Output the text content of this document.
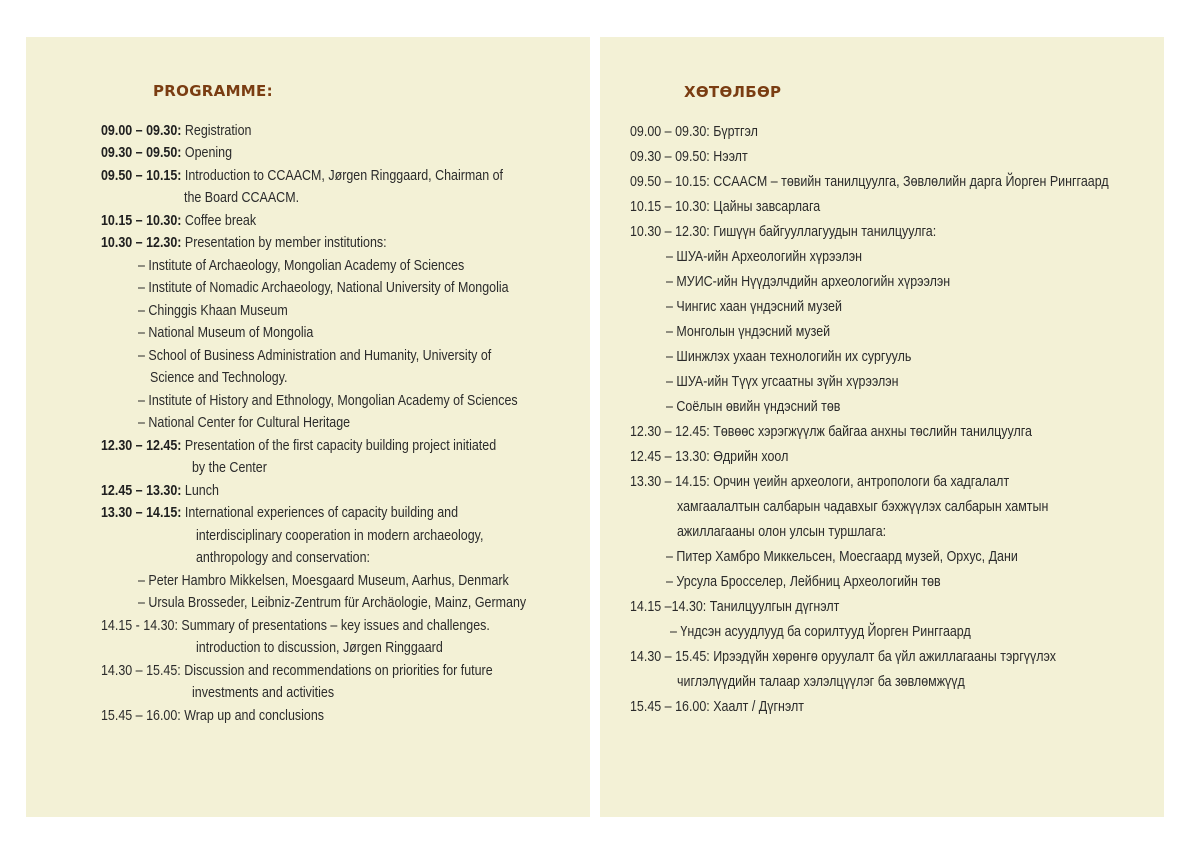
PROGRAMME:
09.00 – 09.30: Registration
09.30 – 09.50: Opening
09.50 – 10.15: Introduction to CCAACM, Jørgen Ringgaard, Chairman of
the Board CCAACM.
10.15 – 10.30: Coffee break
10.30 – 12.30: Presentation by member institutions:
– Institute of Archaeology, Mongolian Academy of Sciences
– Institute of Nomadic Archaeology, National University of Mongolia
– Chinggis Khaan Museum
– National Museum of Mongolia
– School of Business Administration and Humanity, University of
Science and Technology.
– Institute of History and Ethnology, Mongolian Academy of Sciences
– National Center for Cultural Heritage
12.30 – 12.45: Presentation of the first capacity building project initiated
by the Center
12.45 – 13.30: Lunch
13.30 – 14.15: International experiences of capacity building and
interdisciplinary cooperation in modern archaeology,
anthropology and conservation:
– Peter Hambro Mikkelsen, Moesgaard Museum, Aarhus, Denmark
– Ursula Brosseder, Leibniz-Zentrum für Archäologie, Mainz, Germany
14.15 - 14.30: Summary of presentations – key issues and challenges.
introduction to discussion, Jørgen Ringgaard
14.30 – 15.45: Discussion and recommendations on priorities for future
investments and activities
15.45 – 16.00: Wrap up and conclusions
ХӨТӨЛБӨР
09.00 – 09.30: Бүртгэл
09.30 – 09.50: Нээлт
09.50 – 10.15: CCAACM – төвийн танилцуулга, Зөвлөлийн дарга Йорген Ринггаард
10.15 – 10.30: Цайны завсарлага
10.30 – 12.30: Гишүүн байгууллагуудын танилцуулга:
– ШУА-ийн Археологийн хүрээлэн
– МУИС-ийн Нүүдэлчдийн археологийн хүрээлэн
– Чингис хаан үндэсний музей
– Монголын үндэсний музей
– Шинжлэх ухаан технологийн их сургууль
– ШУА-ийн Түүх угсаатны зүйн хүрээлэн
– Соёлын өвийн үндэсний төв
12.30 – 12.45: Төвөөс хэрэгжүүлж байгаа анхны төслийн танилцуулга
12.45 – 13.30: Өдрийн хоол
13.30 – 14.15: Орчин үеийн археологи, антропологи ба хадгалалт
хамгаалалтын салбарын чадавхыг бэхжүүлэх салбарын хамтын
ажиллагааны олон улсын туршлага:
– Питер Хамбро Миккельсен, Моесгаард музей, Орхус, Дани
– Урсула Бросселер, Лейбниц Археологийн төв
14.15 –14.30: Танилцуулгын дүгнэлт
– Үндсэн асуудлууд ба сорилтууд Йорген Ринггаард
14.30 – 15.45: Ирээдүйн хөрөнгө оруулалт ба үйл ажиллагааны тэргүүлэх
чиглэлүүдийн талаар хэлэлцүүлэг ба зөвлөмжүүд
15.45 – 16.00: Хаалт / Дүгнэлт
